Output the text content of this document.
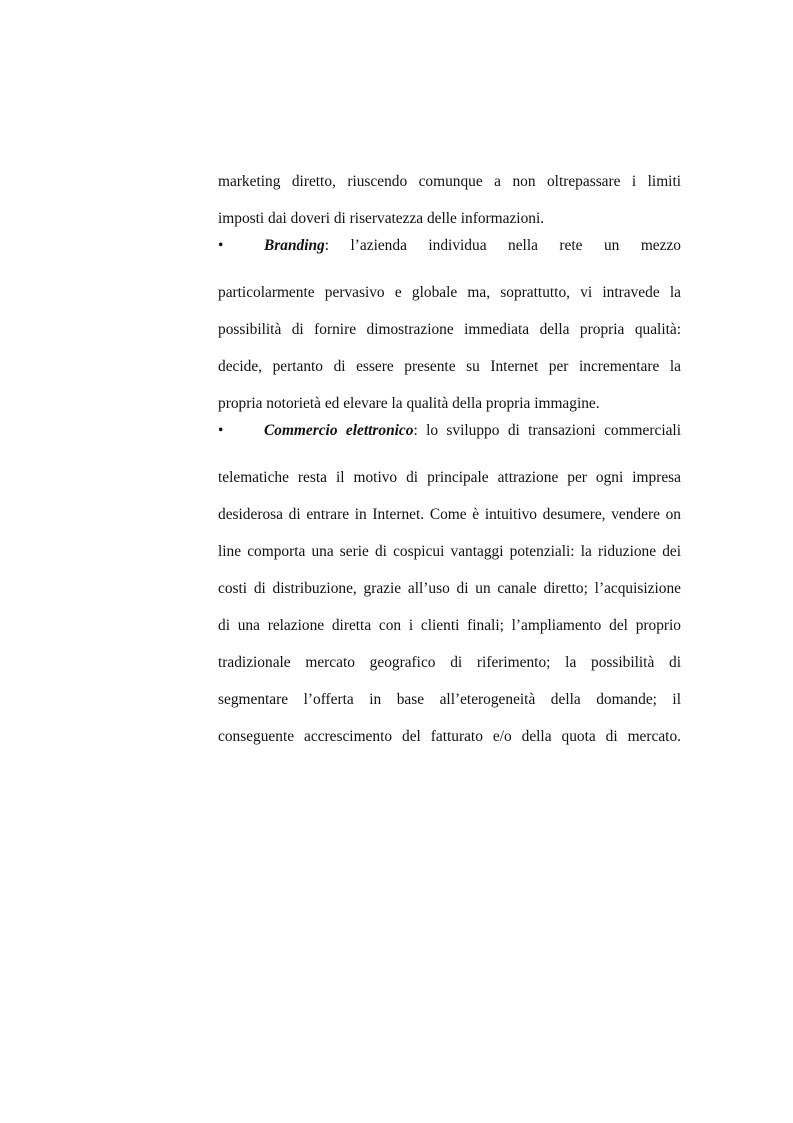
marketing diretto, riuscendo comunque a non oltrepassare i limiti
imposti dai doveri di riservatezza delle informazioni.
•	Branding: l’azienda individua nella rete un mezzo
particolarmente pervasivo e globale ma, soprattutto, vi intravede la
possibilità di fornire dimostrazione immediata della propria qualità:
decide, pertanto di essere presente su Internet per incrementare la
propria notorietà ed elevare la qualità della propria immagine.
•	Commercio elettronico: lo sviluppo di transazioni commerciali
telematiche resta il motivo di principale attrazione per ogni impresa
desiderosa di entrare in Internet. Come è intuitivo desumere, vendere on
line comporta una serie di cospicui vantaggi potenziali: la riduzione dei
costi di distribuzione, grazie all’uso di un canale diretto; l’acquisizione
di una relazione diretta con i clienti finali; l’ampliamento del proprio
tradizionale mercato geografico di riferimento; la possibilità di
segmentare l’offerta in base all’eterogeneità della domande; il
conseguente accrescimento del fatturato e/o della quota di mercato.
